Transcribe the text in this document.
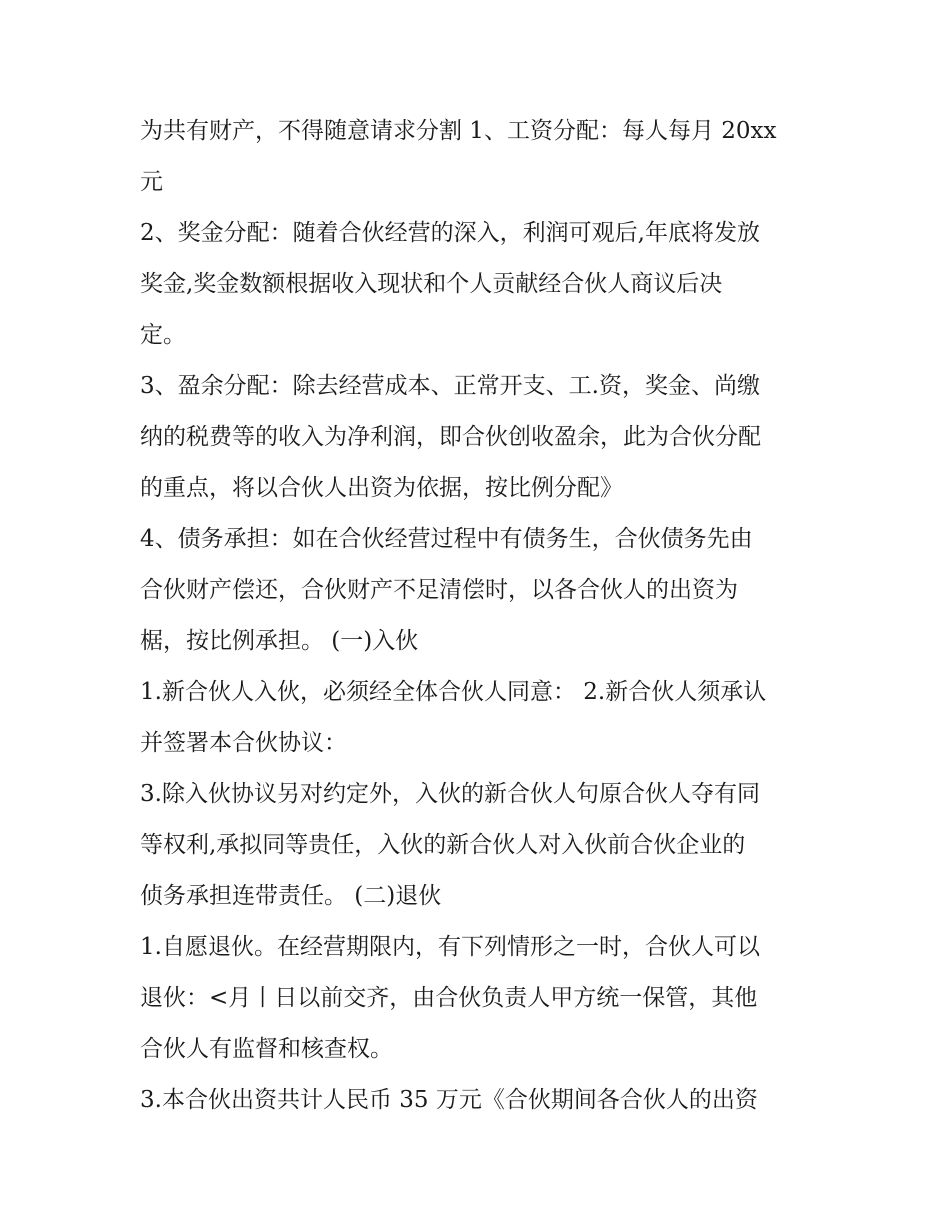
为共有财产，不得随意请求分割 1、工资分配：每人每月 20xx
元
2、奖金分配：随着合伙经营的深入，利润可观后,年底将发放
奖金,奖金数额根据收入现状和个人贡献经合伙人商议后决
定。
3、盈余分配：除去经营成本、正常开支、工.资，奖金、尚缴
纳的税费等的收入为净利润，即合伙创收盈余，此为合伙分配
的重点，将以合伙人出资为依据，按比例分配》
4、债务承担：如在合伙经营过程中有债务生，合伙债务先由
合伙财产偿还，合伙财产不足清偿时，以各合伙人的出资为
椐，按比例承担。 (一)入伙
1.新合伙人入伙，必须经全体合伙人同意： 2.新合伙人须承认
并签署本合伙协议：
3.除入伙协议另对约定外，入伙的新合伙人句原合伙人夺有同
等权利,承拟同等贵任，入伙的新合伙人对入伙前合伙企业的
侦务承担连带责任。 (二)退伙
1.自愿退伙。在经营期限内，有下列情形之一时，合伙人可以
退伙：<月丨日以前交齐，由合伙负责人甲方统一保管，其他
合伙人有监督和核查权。
3.本合伙出资共计人民币 35 万元《合伙期间各合伙人的出资
